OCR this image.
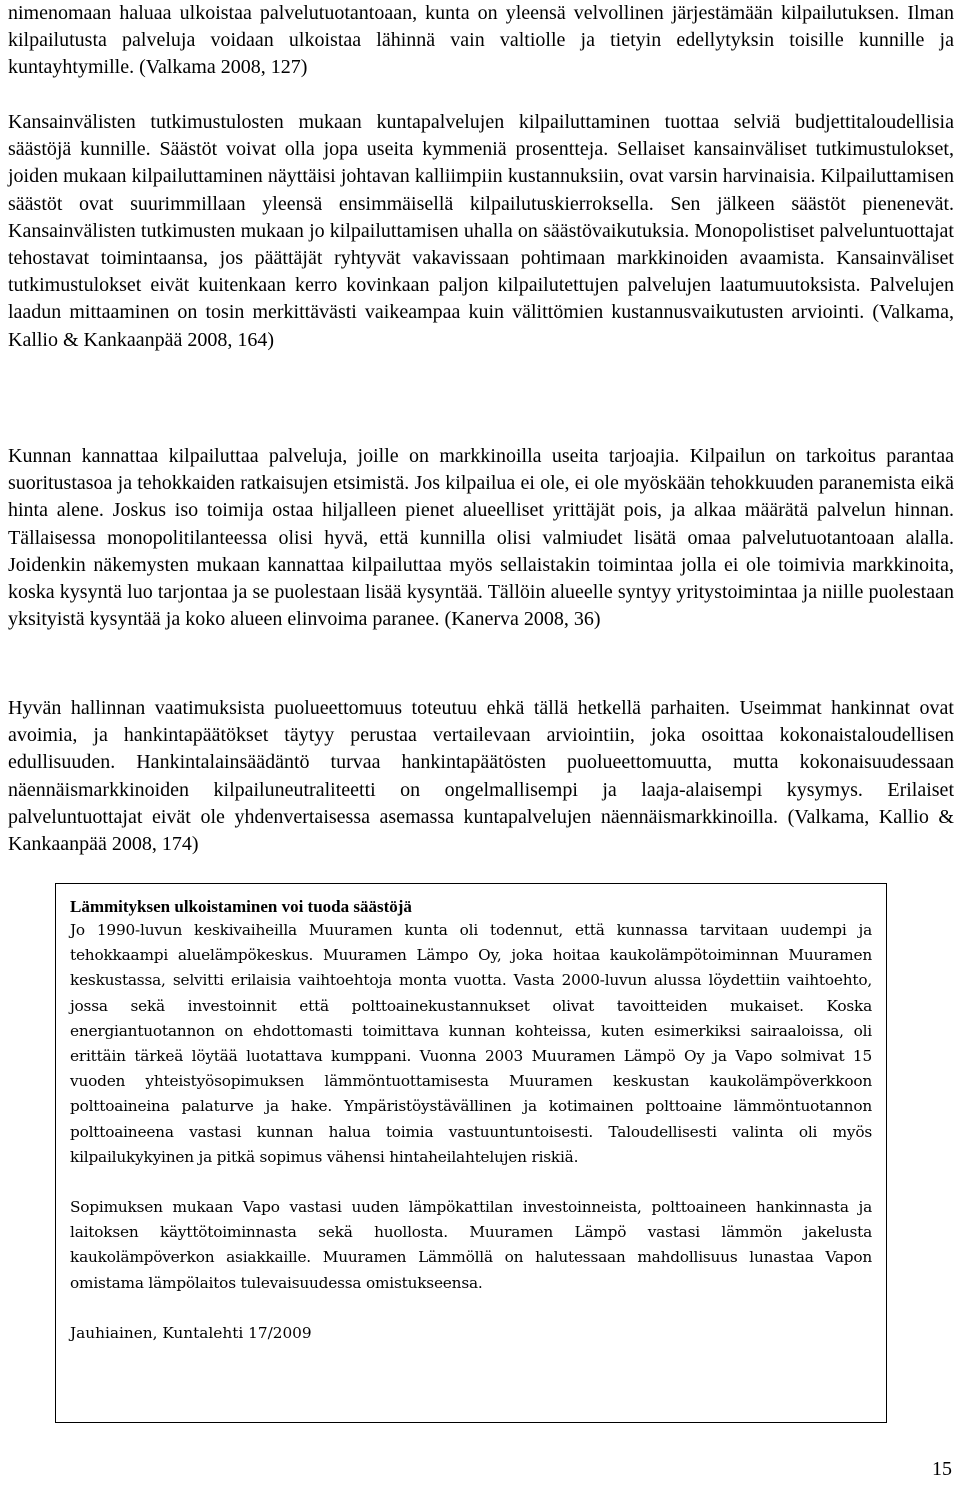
nimenomaan haluaa ulkoistaa palvelutuotantoaan, kunta on yleensä velvollinen järjestämään kilpailutuksen. Ilman kilpailutusta palveluja voidaan ulkoistaa lähinnä vain valtiolle ja tietyin edellytyksin toisille kunnille ja kuntayhtymille. (Valkama 2008, 127)

Kansainvälisten tutkimustulosten mukaan kuntapalvelujen kilpailuttaminen tuottaa selviä budjettitaloudellisia säästöjä kunnille. Säästöt voivat olla jopa useita kymmeniä prosentteja. Sellaiset kansainväliset tutkimustulokset, joiden mukaan kilpailuttaminen näyttäisi johtavan kalliimpiin kustannuksiin, ovat varsin harvinaisia. Kilpailuttamisen säästöt ovat suurimmillaan yleensä ensimmäisellä kilpailutuskierroksella. Sen jälkeen säästöt pienenevät. Kansainvälisten tutkimusten mukaan jo kilpailuttamisen uhalla on säästövaikutuksia. Monopolistiset palveluntuottajat tehostavat toimintaansa, jos päättäjät ryhtyvät vakavissaan pohtimaan markkinoiden avaamista. Kansainväliset tutkimustulokset eivät kuitenkaan kerro kovinkaan paljon kilpailutettujen palvelujen laatumuutoksista. Palvelujen laadun mittaaminen on tosin merkittävästi vaikeampaa kuin välittömien kustannusvaikutusten arviointi. (Valkama, Kallio & Kankaanpää 2008, 164)

Kunnan kannattaa kilpailuttaa palveluja, joille on markkinoilla useita tarjoajia. Kilpailun on tarkoitus parantaa suoritustasoa ja tehokkaiden ratkaisujen etsimistä. Jos kilpailua ei ole, ei ole myöskään tehokkuuden paranemista eikä hinta alene. Joskus iso toimija ostaa hiljalleen pienet alueelliset yrittäjät pois, ja alkaa määrätä palvelun hinnan. Tällaisessa monopolitilanteessa olisi hyvä, että kunnilla olisi valmiudet lisätä omaa palvelutuotantoaan alalla. Joidenkin näkemysten mukaan kannattaa kilpailuttaa myös sellaistakin toimintaa jolla ei ole toimivia markkinoita, koska kysyntä luo tarjontaa ja se puolestaan lisää kysyntää. Tällöin alueelle syntyy yritystoimintaa ja niille puolestaan yksityistä kysyntää ja koko alueen elinvoima paranee. (Kanerva 2008, 36)

Hyvän hallinnan vaatimuksista puolueettomuus toteutuu ehkä tällä hetkellä parhaiten. Useimmat hankinnat ovat avoimia, ja hankintapäätökset täytyy perustaa vertailevaan arviointiin, joka osoittaa kokonaistaloudellisen edullisuuden. Hankintalainsäädäntö turvaa hankintapäätösten puolueettomuutta, mutta kokonaisuudessaan näennäismarkkinoiden kilpailuneutraliteetti on ongelmallisempi ja laaja-alaisempi kysymys. Erilaiset palveluntuottajat eivät ole yhdenvertaisessa asemassa kuntapalvelujen näennäismarkkinoilla. (Valkama, Kallio & Kankaanpää 2008, 174)

Lämmityksen ulkoistaminen voi tuoda säästöjä

Jo 1990-luvun keskivaiheilla Muuramen kunta oli todennut, että kunnassa tarvitaan uudempi ja tehokkaampi aluelämpökeskus. Muuramen Lämpo Oy, joka hoitaa kaukolämpötoiminnan Muuramen keskustassa, selvitti erilaisia vaihtoehtoja monta vuotta. Vasta 2000-luvun alussa löydettiin vaihtoehto, jossa sekä investoinnit että polttoainekustannukset olivat tavoitteiden mukaiset. Koska energiantuotannon on ehdottomasti toimittava kunnan kohteissa, kuten esimerkiksi sairaaloissa, oli erittäin tärkeä löytää luotattava kumppani. Vuonna 2003 Muuramen Lämpö Oy ja Vapo solmivat 15 vuoden yhteistyösopimuksen lämmöntuottamisesta Muuramen keskustan kaukolämpöverkkoon polttoaineina palaturve ja hake. Ympäristöystävällinen ja kotimainen polttoaine lämmöntuotannon polttoaineena vastasi kunnan halua toimia vastuuntuntoisesti. Taloudellisesti valinta oli myös kilpailukykyinen ja pitkä sopimus vähensi hintaheilahtelujen riskiä.

Sopimuksen mukaan Vapo vastasi uuden lämpökattilan investoinneista, polttoaineen hankinnasta ja laitoksen käyttötoiminnasta sekä huollosta. Muuramen Lämpö vastasi lämmön jakelusta kaukolämpöverkon asiakkaille. Muuramen Lämmöllä on halutessaan mahdollisuus lunastaa Vapon omistama lämpölaitos tulevaisuudessa omistukseensa.

Jauhiainen, Kuntalehti 17/2009

15
